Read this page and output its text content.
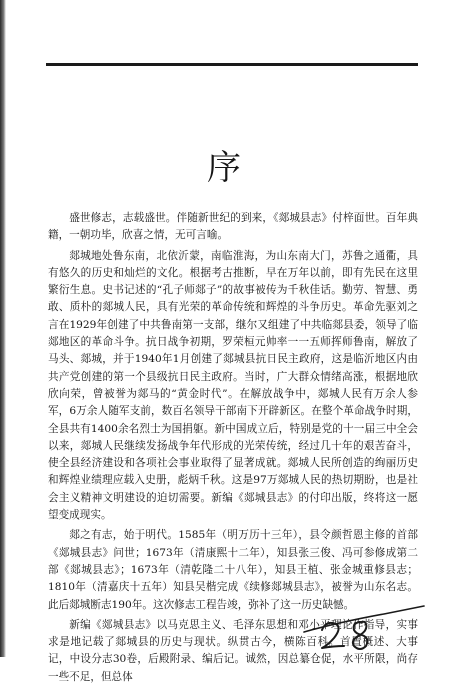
序

盛世修志，志载盛世。伴随新世纪的到来，《郯城县志》付梓面世。百年典籍，一朝功毕，欣喜之情，无可言喻。

郯城地处鲁东南，北依沂蒙，南临淮海，为山东南大门，苏鲁之通衢，具有悠久的历史和灿烂的文化。根据考古推断，早在万年以前，即有先民在这里繁衍生息。史书记述的“孔子师郯子”的故事被传为千秋佳话。勤劳、智慧、勇敢、质朴的郯城人民，具有光荣的革命传统和辉煌的斗争历史。革命先驱刘之言在1929年创建了中共鲁南第一支部，继尔又组建了中共临郯县委，领导了临郯地区的革命斗争。抗日战争初期，罗荣桓元帅率一一五师挥师鲁南，解放了马头、郯城，并于1940年1月创建了郯城县抗日民主政府，这是临沂地区内由共产党创建的第一个县级抗日民主政府。当时，广大群众情绪高涨，根据地欣欣向荣，曾被誉为郯马的“黄金时代”。在解放战争中，郯城人民有万余人参军，6万余人随军支前，数百名领导干部南下开辟新区。在整个革命战争时期，全县共有1400余名烈士为国捐躯。新中国成立后，特别是党的十一届三中全会以来，郯城人民继续发扬战争年代形成的光荣传统，经过几十年的艰苦奋斗，使全县经济建设和各项社会事业取得了显著成就。郯城人民所创造的绚丽历史和辉煌业绩理应载入史册，彪炳千秋。这是97万郯城人民的热切期盼，也是社会主义精神文明建设的迫切需要。新编《郯城县志》的付印出版，终将这一愿望变成现实。

郯之有志，始于明代。1585年（明万历十三年），县令颜哲恩主修的首部《郯城县志》问世；1673年（清康熙十二年），知县张三俊、冯可参修成第二部《郯城县志》；1673年（清乾隆二十八年），知县王植、张金城重修县志；1810年（清嘉庆十五年）知县吴楷完成《续修郯城县志》，被誉为山东名志。此后郯城断志190年。这次修志工程告竣，弥补了这一历史缺憾。

新编《郯城县志》以马克思主义、毛泽东思想和邓小平理论作指导，实事求是地记载了郯城县的历史与现状。纵贯古今，横陈百科。首置概述、大事记，中设分志30卷，后殿附录、编后记。诚然，因总纂仓促，水平所限，尚存一些不足，但总体
